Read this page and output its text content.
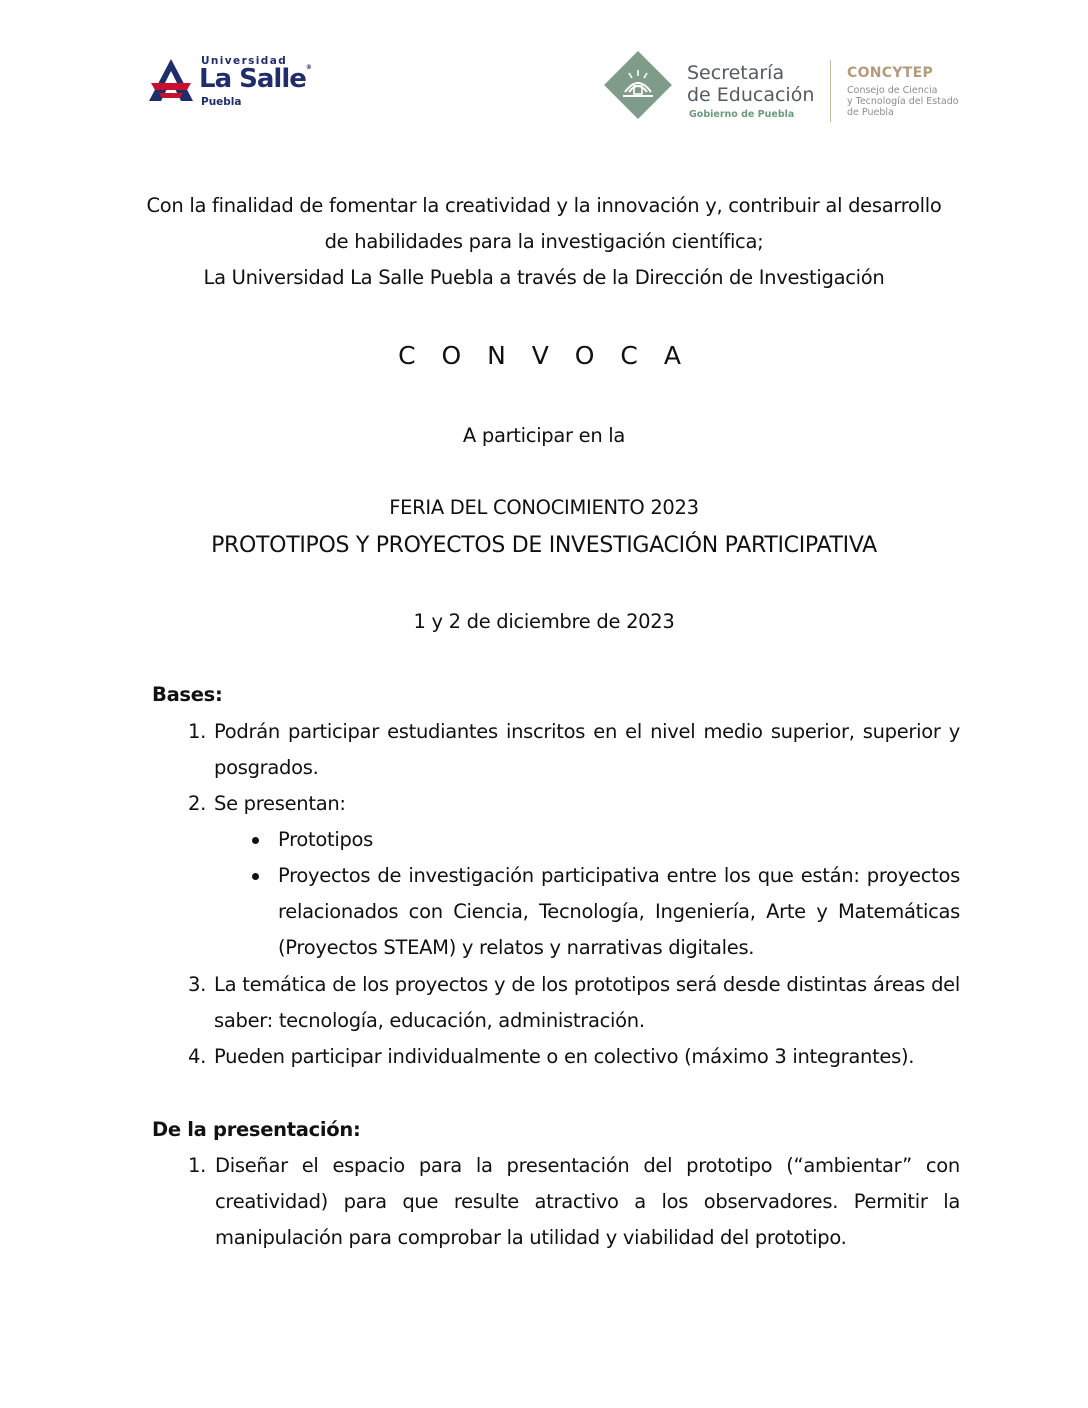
Universidad
La Salle®
Puebla
Secretaría
de Educación
Gobierno de Puebla
CONCYTEP
Consejo de Ciencia
y Tecnología del Estado
de Puebla
Con la finalidad de fomentar la creatividad y la innovación y, contribuir al desarrollo
de habilidades para la investigación científica;
La Universidad La Salle Puebla a través de la Dirección de Investigación
C O N V O C A
A participar en la
FERIA DEL CONOCIMIENTO 2023
PROTOTIPOS Y PROYECTOS DE INVESTIGACIÓN PARTICIPATIVA
1 y 2 de diciembre de 2023
Bases:
1. Podrán participar estudiantes inscritos en el nivel medio superior, superior y
posgrados.
2. Se presentan:
Prototipos
Proyectos de investigación participativa entre los que están: proyectos
relacionados con Ciencia, Tecnología, Ingeniería, Arte y Matemáticas
(Proyectos STEAM) y relatos y narrativas digitales.
3. La temática de los proyectos y de los prototipos será desde distintas áreas del
saber: tecnología, educación, administración.
4. Pueden participar individualmente o en colectivo (máximo 3 integrantes).
De la presentación:
1. Diseñar el espacio para la presentación del prototipo (“ambientar” con
creatividad) para que resulte atractivo a los observadores. Permitir la
manipulación para comprobar la utilidad y viabilidad del prototipo.
